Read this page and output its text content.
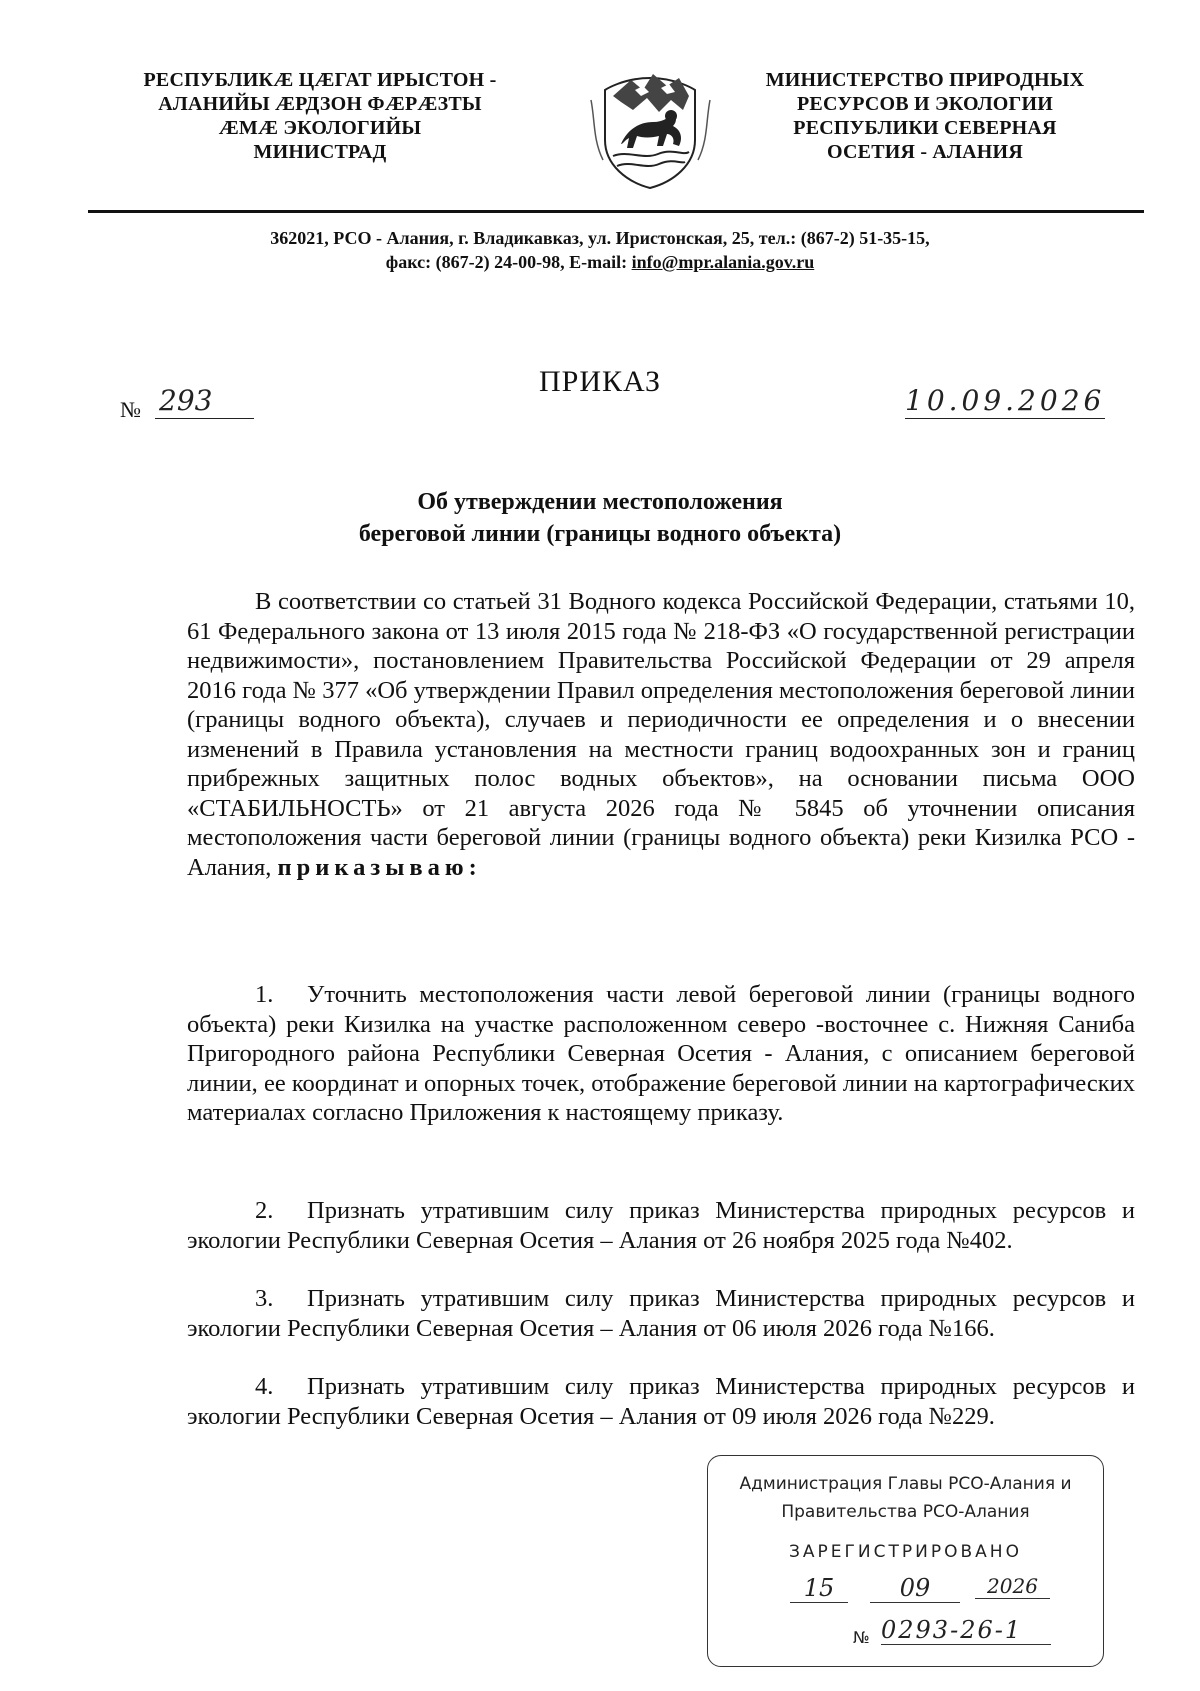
РЕСПУБЛИКӔ ЦӔГАТ ИРЫСТОН -
АЛАНИЙЫ ӔРДЗОН ФӔРӔЗТЫ
ӔМӔ ЭКОЛОГИЙЫ
МИНИСТРАД
МИНИСТЕРСТВО ПРИРОДНЫХ
РЕСУРСОВ И ЭКОЛОГИИ
РЕСПУБЛИКИ СЕВЕРНАЯ
ОСЕТИЯ - АЛАНИЯ
362021, РСО - Алания, г. Владикавказ, ул. Иристонская, 25, тел.: (867-2) 51-35-15,
факс: (867-2) 24-00-98, E-mail: info@mpr.alania.gov.ru
ПРИКАЗ
№ 293	10.09.2026
Об утверждении местоположения
береговой линии (границы водного объекта)
В соответствии со статьей 31 Водного кодекса Российской Федерации, статьями 10, 61 Федерального закона от 13 июля 2015 года № 218-ФЗ «О государственной регистрации недвижимости», постановлением Правительства Российской Федерации от 29 апреля 2016 года № 377 «Об утверждении Правил определения местоположения береговой линии (границы водного объекта), случаев и периодичности ее определения и о внесении изменений в Правила установления на местности границ водоохранных зон и границ прибрежных защитных полос водных объектов», на основании письма ООО «СТАБИЛЬНОСТЬ» от 21 августа 2026 года № 5845 об уточнении описания местоположения части береговой линии (границы водного объекта) реки Кизилка РСО - Алания, приказываю:
1. Уточнить местоположения части левой береговой линии (границы водного объекта) реки Кизилка на участке расположенном северо -восточнее с. Нижняя Саниба Пригородного района Республики Северная Осетия - Алания, с описанием береговой линии, ее координат и опорных точек, отображение береговой линии на картографических материалах согласно Приложения к настоящему приказу.
2. Признать утратившим силу приказ Министерства природных ресурсов и экологии Республики Северная Осетия – Алания от 26 ноября 2025 года №402.
3. Признать утратившим силу приказ Министерства природных ресурсов и экологии Республики Северная Осетия – Алания от 06 июля 2026 года №166.
4. Признать утратившим силу приказ Министерства природных ресурсов и экологии Республики Северная Осетия – Алания от 09 июля 2026 года №229.
Администрация Главы РСО-Алания и
Правительства РСО-Алания
ЗАРЕГИСТРИРОВАНО
15	09	2026
№ 0293-26-1
